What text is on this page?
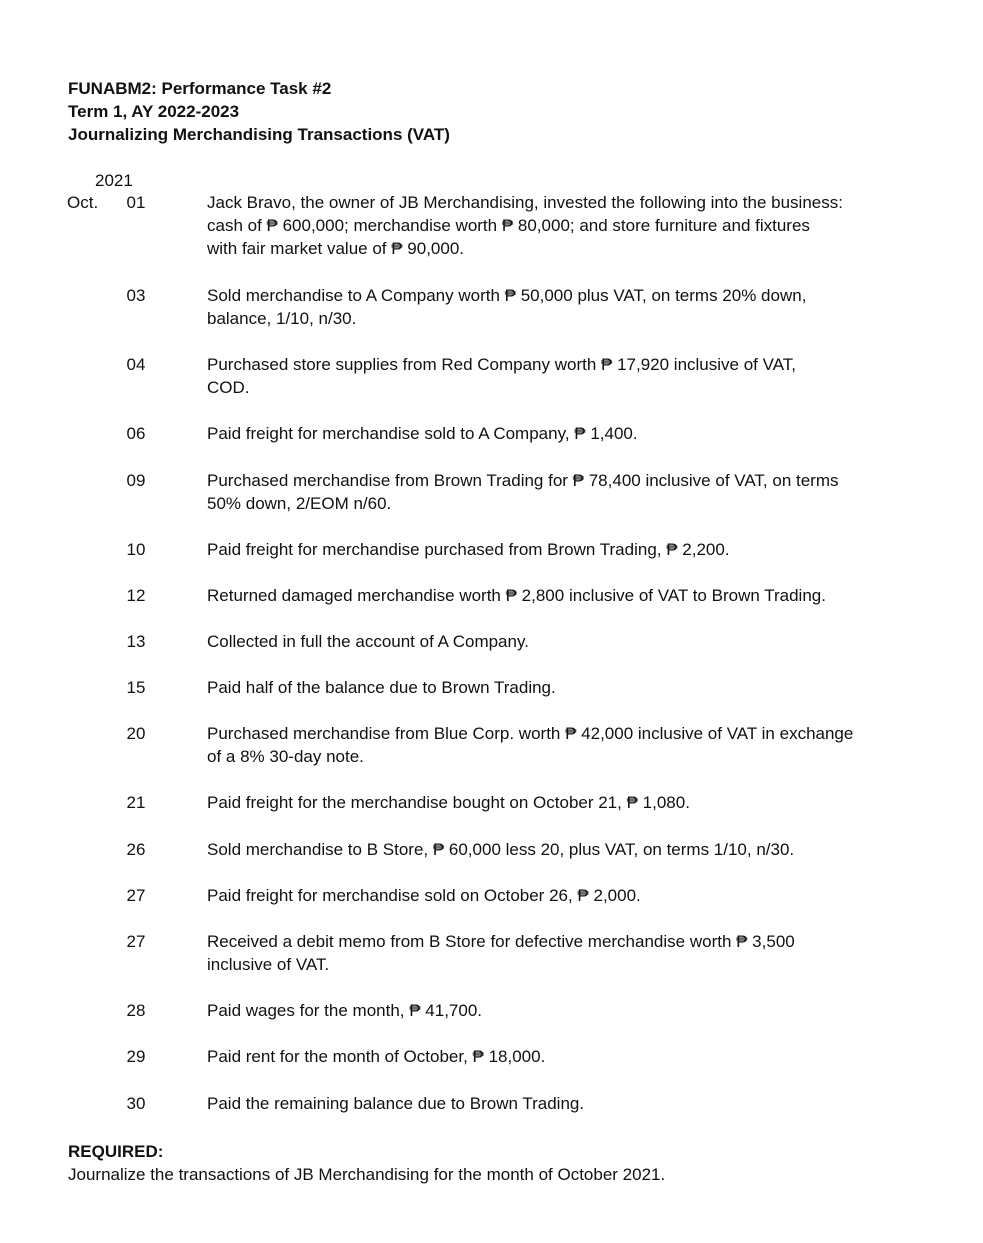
FUNABM2: Performance Task #2
Term 1, AY 2022-2023
Journalizing Merchandising Transactions (VAT)
2021
Oct. 01	Jack Bravo, the owner of JB Merchandising, invested the following into the business:
cash of ₱ 600,000; merchandise worth ₱ 80,000; and store furniture and fixtures
with fair market value of ₱ 90,000.
03	Sold merchandise to A Company worth ₱ 50,000 plus VAT, on terms 20% down,
balance, 1/10, n/30.
04	Purchased store supplies from Red Company worth ₱ 17,920 inclusive of VAT,
COD.
06	Paid freight for merchandise sold to A Company, ₱ 1,400.
09	Purchased merchandise from Brown Trading for ₱ 78,400 inclusive of VAT, on terms
50% down, 2/EOM n/60.
10	Paid freight for merchandise purchased from Brown Trading, ₱ 2,200.
12	Returned damaged merchandise worth ₱ 2,800 inclusive of VAT to Brown Trading.
13	Collected in full the account of A Company.
15	Paid half of the balance due to Brown Trading.
20	Purchased merchandise from Blue Corp. worth ₱ 42,000 inclusive of VAT in exchange
of a 8% 30-day note.
21	Paid freight for the merchandise bought on October 21, ₱ 1,080.
26	Sold merchandise to B Store, ₱ 60,000 less 20, plus VAT, on terms 1/10, n/30.
27	Paid freight for merchandise sold on October 26, ₱ 2,000.
27	Received a debit memo from B Store for defective merchandise worth ₱ 3,500
inclusive of VAT.
28	Paid wages for the month, ₱ 41,700.
29	Paid rent for the month of October, ₱ 18,000.
30	Paid the remaining balance due to Brown Trading.
REQUIRED:
Journalize the transactions of JB Merchandising for the month of October 2021.
